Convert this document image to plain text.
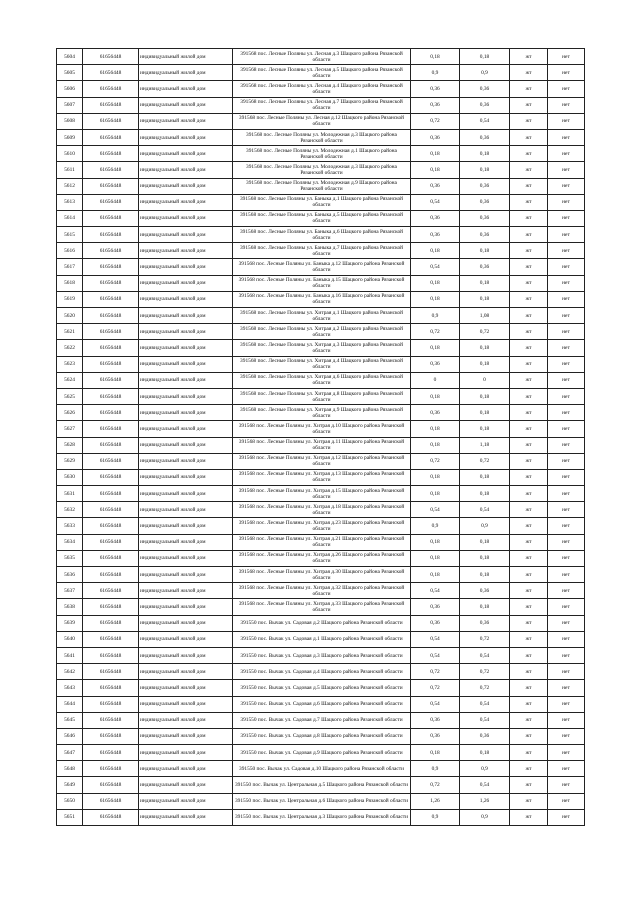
5604	61656448	индивидуальный жилой дом	391568 пос. Лесные Поляны ул. Лесная д.3 Шацкого района Рязанской области	0,18	0,18	жт	нет
5605	61656448	индивидуальный жилой дом	391568 пос. Лесные Поляны ул. Лесная д.5 Шацкого района Рязанской области	0,9	0,9	жт	нет
5606	61656448	индивидуальный жилой дом	391568 пос. Лесные Поляны ул. Лесная д.4 Шацкого района Рязанской области	0,36	0,36	жт	нет
5607	61656448	индивидуальный жилой дом	391568 пос. Лесные Поляны ул. Лесная д.7 Шацкого района Рязанской области	0,36	0,36	жт	нет
5608	61656448	индивидуальный жилой дом	391568 пос. Лесные Поляны ул. Лесная д.12 Шацкого района Рязанской области	0,72	0,54	жт	нет
5609	61656448	индивидуальный жилой дом	391568 пос. Лесные Поляны ул. Молодежная д.3 Шацкого района Рязанской области	0,36	0,36	жт	нет
5610	61656448	индивидуальный жилой дом	391568 пос. Лесные Поляны ул. Молодежная д.1 Шацкого района Рязанской области	0,18	0,18	жт	нет
5611	61656448	индивидуальный жилой дом	391568 пос. Лесные Поляны ул. Молодежная д.3 Шацкого района Рязанской области	0,18	0,18	жт	нет
5612	61656448	индивидуальный жилой дом	391568 пос. Лесные Поляны ул. Молодежная д.9 Шацкого района Рязанской области	0,36	0,36	жт	нет
5613	61656448	индивидуальный жилой дом	391568 пос. Лесные Поляны ул. Баныка д.1 Шацкого района Рязанской области	0,54	0,36	жт	нет
5614	61656448	индивидуальный жилой дом	391568 пос. Лесные Поляны ул. Баныка д.5 Шацкого района Рязанской области	0,36	0,36	жт	нет
5615	61656448	индивидуальный жилой дом	391568 пос. Лесные Поляны ул. Баныка д.6 Шацкого района Рязанской области	0,36	0,36	жт	нет
5616	61656448	индивидуальный жилой дом	391568 пос. Лесные Поляны ул. Баныка д.7 Шацкого района Рязанской области	0,18	0,18	жт	нет
5617	61656448	индивидуальный жилой дом	391568 пос. Лесные Поляны ул. Баныка д.12 Шацкого района Рязанской области	0,54	0,36	жт	нет
5618	61656448	индивидуальный жилой дом	391568 пос. Лесные Поляны ул. Баныка д.15 Шацкого района Рязанской области	0,18	0,18	жт	нет
5619	61656448	индивидуальный жилой дом	391568 пос. Лесные Поляны ул. Баныка д.16 Шацкого района Рязанской области	0,18	0,18	жт	нет
5620	61656448	индивидуальный жилой дом	391568 пос. Лесные Поляны ул. Хитрая д.1 Шацкого района Рязанской области	0,9	1,08	жт	нет
5621	61656448	индивидуальный жилой дом	391568 пос. Лесные Поляны ул. Хитрая д.2 Шацкого района Рязанской области	0,72	0,72	жт	нет
5622	61656448	индивидуальный жилой дом	391568 пос. Лесные Поляны ул. Хитрая д.3 Шацкого района Рязанской области	0,18	0,18	жт	нет
5623	61656448	индивидуальный жилой дом	391568 пос. Лесные Поляны ул. Хитрая д.4 Шацкого района Рязанской области	0,36	0,18	жт	нет
5624	61656448	индивидуальный жилой дом	391568 пос. Лесные Поляны ул. Хитрая д.6 Шацкого района Рязанской области	0	0	жт	нет
5625	61656448	индивидуальный жилой дом	391568 пос. Лесные Поляны ул. Хитрая д.8 Шацкого района Рязанской области	0,18	0,18	жт	нет
5626	61656448	индивидуальный жилой дом	391568 пос. Лесные Поляны ул. Хитрая д.9 Шацкого района Рязанской области	0,36	0,18	жт	нет
5627	61656448	индивидуальный жилой дом	391568 пос. Лесные Поляны ул. Хитрая д.10 Шацкого района Рязанской области	0,18	0,18	жт	нет
5628	61656448	индивидуальный жилой дом	391568 пос. Лесные Поляны ул. Хитрая д.11 Шацкого района Рязанской области	0,18	1,18	жт	нет
5629	61656448	индивидуальный жилой дом	391568 пос. Лесные Поляны ул. Хитрая д.12 Шацкого района Рязанской области	0,72	0,72	жт	нет
5630	61656448	индивидуальный жилой дом	391568 пос. Лесные Поляны ул. Хитрая д.13 Шацкого района Рязанской области	0,18	0,18	жт	нет
5631	61656448	индивидуальный жилой дом	391568 пос. Лесные Поляны ул. Хитрая д.15 Шацкого района Рязанской области	0,18	0,18	жт	нет
5632	61656448	индивидуальный жилой дом	391568 пос. Лесные Поляны ул. Хитрая д.18 Шацкого района Рязанской области	0,54	0,54	жт	нет
5633	61656448	индивидуальный жилой дом	391568 пос. Лесные Поляны ул. Хитрая д.23 Шацкого района Рязанской области	0,9	0,9	жт	нет
5634	61656448	индивидуальный жилой дом	391568 пос. Лесные Поляны ул. Хитрая д.21 Шацкого района Рязанской области	0,18	0,18	жт	нет
5635	61656448	индивидуальный жилой дом	391568 пос. Лесные Поляны ул. Хитрая д.26 Шацкого района Рязанской области	0,18	0,18	жт	нет
5636	61656448	индивидуальный жилой дом	391568 пос. Лесные Поляны ул. Хитрая д.30 Шацкого района Рязанской области	0,18	0,18	жт	нет
5637	61656448	индивидуальный жилой дом	391568 пос. Лесные Поляны ул. Хитрая д.32 Шацкого района Рязанской области	0,54	0,36	жт	нет
5638	61656448	индивидуальный жилой дом	391568 пос. Лесные Поляны ул. Хитрая д.33 Шацкого района Рязанской области	0,36	0,18	жт	нет
5639	61656448	индивидуальный жилой дом	391550 пос. Вычак ул. Садовая д.2 Шацкого района Рязанской области	0,36	0,36	жт	нет
5640	61656448	индивидуальный жилой дом	391550 пос. Вычак ул. Садовая д.1 Шацкого района Рязанской области	0,54	0,72	жт	нет
5641	61656448	индивидуальный жилой дом	391550 пос. Вычак ул. Садовая д.3 Шацкого района Рязанской области	0,54	0,54	жт	нет
5642	61656448	индивидуальный жилой дом	391550 пос. Вычак ул. Садовая д.4 Шацкого района Рязанской области	0,72	0,72	жт	нет
5643	61656448	индивидуальный жилой дом	391550 пос. Вычак ул. Садовая д.5 Шацкого района Рязанской области	0,72	0,72	жт	нет
5644	61656448	индивидуальный жилой дом	391550 пос. Вычак ул. Садовая д.6 Шацкого района Рязанской области	0,54	0,54	жт	нет
5645	61656448	индивидуальный жилой дом	391550 пос. Вычак ул. Садовая д.7 Шацкого района Рязанской области	0,36	0,54	жт	нет
5646	61656448	индивидуальный жилой дом	391550 пос. Вычак ул. Садовая д.8 Шацкого района Рязанской области	0,36	0,36	жт	нет
5647	61656448	индивидуальный жилой дом	391550 пос. Вычак ул. Садовая д.9 Шацкого района Рязанской области	0,18	0,18	жт	нет
5648	61656448	индивидуальный жилой дом	391550 пос. Вычак ул. Садовая д.10 Шацкого района Рязанской области	0,9	0,9	жт	нет
5649	61656448	индивидуальный жилой дом	391550 пос. Вычак ул. Центральная д.5 Шацкого района Рязанской области	0,72	0,54	жт	нет
5650	61656448	индивидуальный жилой дом	391550 пос. Вычак ул. Центральная д.6 Шацкого района Рязанской области	1,26	1,26	жт	нет
5651	61656448	индивидуальный жилой дом	391550 пос. Вычак ул. Центральная д.3 Шацкого района Рязанской области	0,9	0,9	жт	нет
